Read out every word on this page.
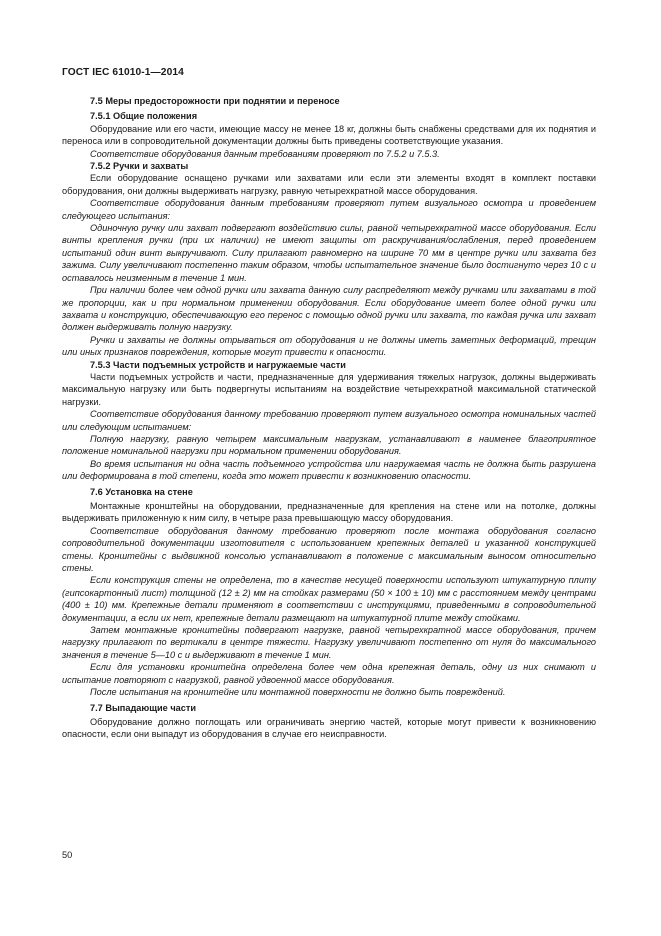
ГОСТ IEC 61010-1—2014
7.5 Меры предосторожности при поднятии и переносе
7.5.1 Общие положения

Оборудование или его части, имеющие массу не менее 18 кг, должны быть снабжены средствами для их поднятия и переноса или в сопроводительной документации должны быть приведены соответствующие указания.

Соответствие оборудования данным требованиям проверяют по 7.5.2 и 7.5.3.

7.5.2 Ручки и захваты

Если оборудование оснащено ручками или захватами или если эти элементы входят в комплект поставки оборудования, они должны выдерживать нагрузку, равную четырехкратной массе оборудования.

Соответствие оборудования данным требованиям проверяют путем визуального осмотра и проведением следующего испытания:

Одиночную ручку или захват подвергают воздействию силы, равной четырехкратной массе оборудования. Если винты крепления ручки (при их наличии) не имеют защиты от раскручивания/ослабления, перед проведением испытаний один винт выкручивают. Силу прилагают равномерно на ширине 70 мм в центре ручки или захвата без зажима. Силу увеличивают постепенно таким образом, чтобы испытательное значение было достигнуто через 10 с и оставалось неизменным в течение 1 мин.

При наличии более чем одной ручки или захвата данную силу распределяют между ручками или захватами в той же пропорции, как и при нормальном применении оборудования. Если оборудование имеет более одной ручки или захвата и конструкцию, обеспечивающую его перенос с помощью одной ручки или захвата, то каждая ручка или захват должен выдерживать полную нагрузку.

Ручки и захваты не должны отрываться от оборудования и не должны иметь заметных деформаций, трещин или иных признаков повреждения, которые могут привести к опасности.

7.5.3 Части подъемных устройств и нагружаемые части

Части подъемных устройств и части, предназначенные для удерживания тяжелых нагрузок, должны выдерживать максимальную нагрузку или быть подвергнуты испытаниям на воздействие четырехкратной максимальной статической нагрузки.

Соответствие оборудования данному требованию проверяют путем визуального осмотра номинальных частей или следующим испытанием:

Полную нагрузку, равную четырем максимальным нагрузкам, устанавливают в наименее благоприятное положение номинальной нагрузки при нормальном применении оборудования.

Во время испытания ни одна часть подъемного устройства или нагружаемая часть не должна быть разрушена или деформирована в той степени, когда это может привести к возникновению опасности.

7.6 Установка на стене

Монтажные кронштейны на оборудовании, предназначенные для крепления на стене или на потолке, должны выдерживать приложенную к ним силу, в четыре раза превышающую массу оборудования.

Соответствие оборудования данному требованию проверяют после монтажа оборудования согласно сопроводительной документации изготовителя с использованием крепежных деталей и указанной конструкцией стены. Кронштейны с выдвижной консолью устанавливают в положение с максимальным выносом относительно стены.

Если конструкция стены не определена, то в качестве несущей поверхности используют штукатурную плиту (гипсокартонный лист) толщиной (12 ± 2) мм на стойках размерами (50 × 100 ± 10) мм с расстоянием между центрами (400 ± 10) мм. Крепежные детали применяют в соответствии с инструкциями, приведенными в сопроводительной документации, а если их нет, крепежные детали размещают на штукатурной плите между стойками.

Затем монтажные кронштейны подвергают нагрузке, равной четырехкратной массе оборудования, причем нагрузку прилагают по вертикали в центре тяжести. Нагрузку увеличивают постепенно от нуля до максимального значения в течение 5—10 с и выдерживают в течение 1 мин.

Если для установки кронштейна определена более чем одна крепежная деталь, одну из них снимают и испытание повторяют с нагрузкой, равной удвоенной массе оборудования.

После испытания на кронштейне или монтажной поверхности не должно быть повреждений.

7.7 Выпадающие части

Оборудование должно поглощать или ограничивать энергию частей, которые могут привести к возникновению опасности, если они выпадут из оборудования в случае его неисправности.

50
